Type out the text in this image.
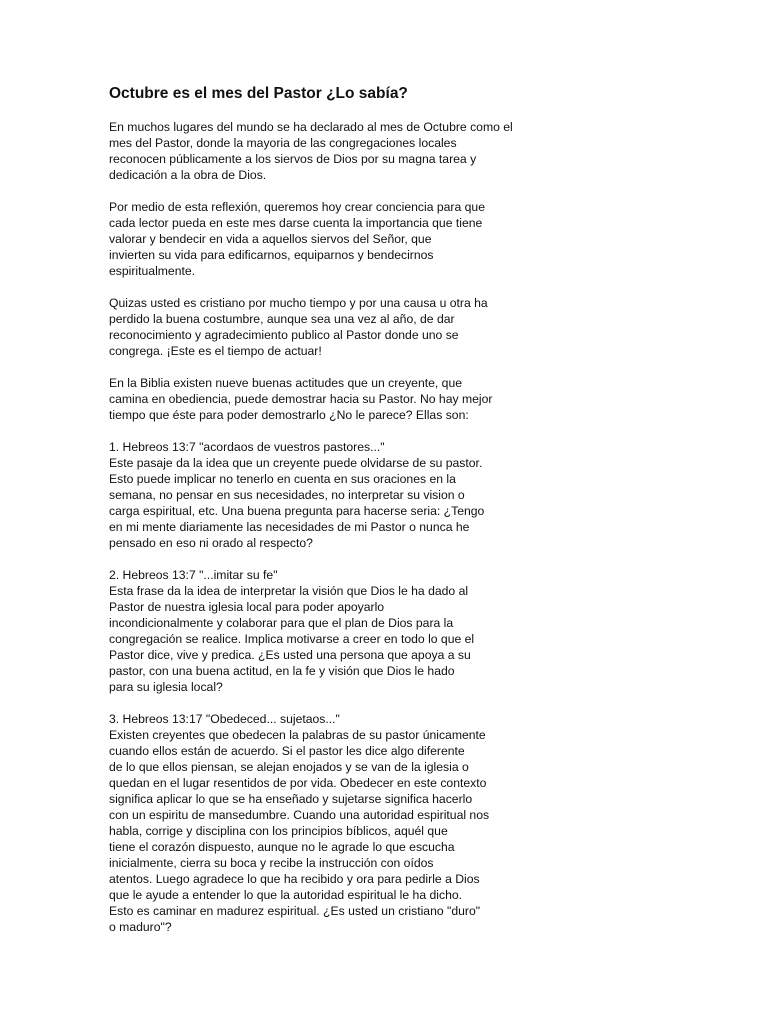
Octubre es el mes del Pastor ¿Lo sabía?
En muchos lugares del mundo se ha declarado al mes de Octubre como el
mes del Pastor, donde la mayoria de las congregaciones locales
reconocen públicamente a los siervos de Dios por su magna tarea y
dedicación a la obra de Dios.
Por medio de esta reflexión, queremos hoy crear conciencia para que
cada lector pueda en este mes darse cuenta la importancia que tiene
valorar y bendecir en vida a aquellos siervos del Señor, que
invierten su vida para edificarnos, equiparnos y bendecirnos
espiritualmente.
Quizas usted es cristiano por mucho tiempo y por una causa u otra ha
perdido la buena costumbre, aunque sea una vez al año, de dar
reconocimiento y agradecimiento publico al Pastor donde uno se
congrega. ¡Este es el tiempo de actuar!
En la Biblia existen nueve buenas actitudes que un creyente, que
camina en obediencia, puede demostrar hacia su Pastor. No hay mejor
tiempo que éste para poder demostrarlo ¿No le parece? Ellas son:
1. Hebreos 13:7 "acordaos de vuestros pastores..."
Este pasaje da la idea que un creyente puede olvidarse de su pastor.
Esto puede implicar no tenerlo en cuenta en sus oraciones en la
semana, no pensar en sus necesidades, no interpretar su vision o
carga espiritual, etc. Una buena pregunta para hacerse seria: ¿Tengo
en mi mente diariamente las necesidades de mi Pastor o nunca he
pensado en eso ni orado al respecto?
2. Hebreos 13:7 "...imitar su fe"
Esta frase da la idea de interpretar la visión que Dios le ha dado al
Pastor de nuestra iglesia local para poder apoyarlo
incondicionalmente y colaborar para que el plan de Dios para la
congregación se realice. Implica motivarse a creer en todo lo que el
Pastor dice, vive y predica. ¿Es usted una persona que apoya a su
pastor, con una buena actitud, en la fe y visión que Dios le hado
para su iglesia local?
3. Hebreos 13:17 "Obedeced... sujetaos..."
Existen creyentes que obedecen la palabras de su pastor únicamente
cuando ellos están de acuerdo. Si el pastor les dice algo diferente
de lo que ellos piensan, se alejan enojados y se van de la iglesia o
quedan en el lugar resentidos de por vida. Obedecer en este contexto
significa aplicar lo que se ha enseñado y sujetarse significa hacerlo
con un espiritu de mansedumbre. Cuando una autoridad espiritual nos
habla, corrige y disciplina con los principios bíblicos, aquél que
tiene el corazón dispuesto, aunque no le agrade lo que escucha
inicialmente, cierra su boca y recibe la instrucción con oídos
atentos. Luego agradece lo que ha recibido y ora para pedirle a Dios
que le ayude a entender lo que la autoridad espiritual le ha dicho.
Esto es caminar en madurez espiritual. ¿Es usted un cristiano "duro"
o maduro"?
